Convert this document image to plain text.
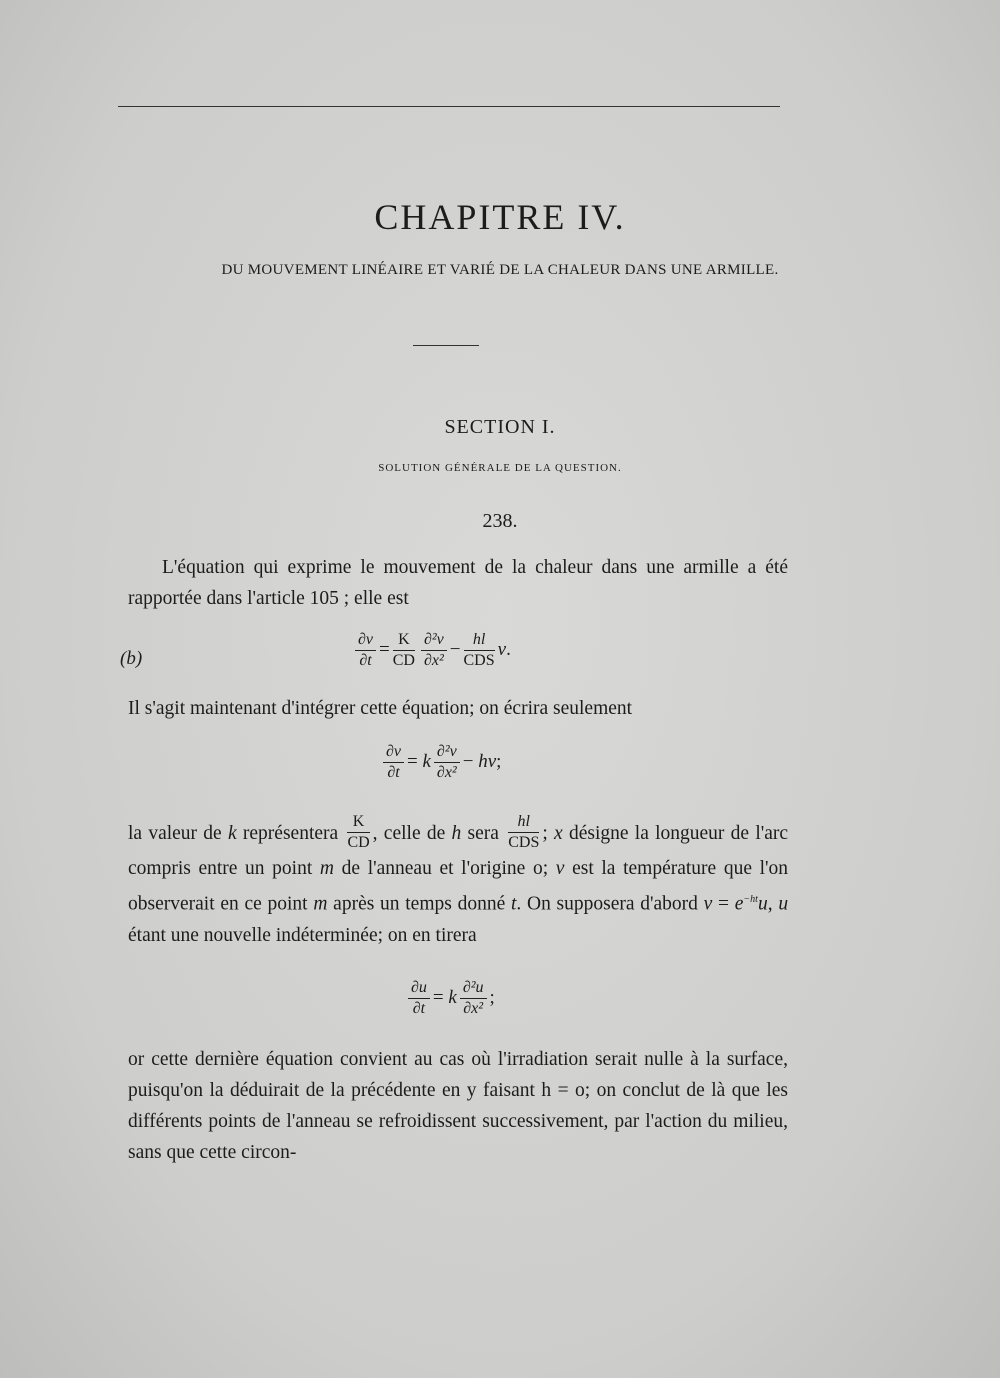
CHAPITRE IV.
DU MOUVEMENT LINÉAIRE ET VARIÉ DE LA CHALEUR DANS UNE ARMILLE.
SECTION I.
SOLUTION GÉNÉRALE DE LA QUESTION.
238.
L'équation qui exprime le mouvement de la chaleur dans une armille a été rapportée dans l'article 105 ; elle est
(b)	$\frac{\partial v}{\partial t} = \frac{K}{CD} \frac{\text{∂²v}}{\text{∂x²}} - \frac{hl}{\text{CDS}} v$.
Il s'agit maintenant d'intégrer cette équation; on écrira seulement
$\frac{\partial v}{\partial t} = k \frac{\text{∂²v}}{\text{∂x²}}$ − hv;
la valeur de k représentera $\frac{K}{CD}$ , celle de h sera $\frac{hl}{\text{CDS}}$ ; x désigne la longueur de l'arc compris entre un point m de l'anneau et l'origine o; v est la température que l'on observerait en ce point m après un temps donné t. On supposera d'abord $v = e^{-ht}u$, u étant une nouvelle indéterminée; on en tirera
$\frac{\partial u}{\partial t} = k \frac{\text{∂²u}}{\text{∂x²}}$ ;
or cette dernière équation convient au cas où l'irradiation serait nulle à la surface, puisqu'on la déduirait de la précédente en y faisant h = o; on conclut de là que les différents points de l'anneau se refroidissent successivement, par l'action du milieu, sans que cette circon-
